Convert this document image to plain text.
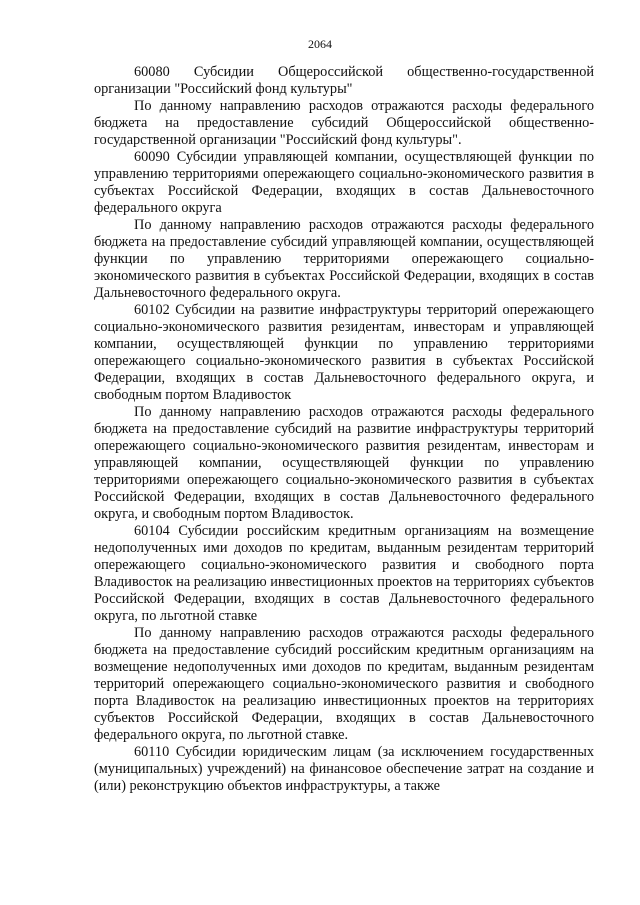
2064

60080 Субсидии Общероссийской общественно-государственной организации "Российский фонд культуры"

По данному направлению расходов отражаются расходы федерального бюджета на предоставление субсидий Общероссийской общественно-государственной организации "Российский фонд культуры".

60090 Субсидии управляющей компании, осуществляющей функции по управлению территориями опережающего социально-экономического развития в субъектах Российской Федерации, входящих в состав Дальневосточного федерального округа

По данному направлению расходов отражаются расходы федерального бюджета на предоставление субсидий управляющей компании, осуществляющей функции по управлению территориями опережающего социально-экономического развития в субъектах Российской Федерации, входящих в состав Дальневосточного федерального округа.

60102 Субсидии на развитие инфраструктуры территорий опережающего социально-экономического развития резидентам, инвесторам и управляющей компании, осуществляющей функции по управлению территориями опережающего социально-экономического развития в субъектах Российской Федерации, входящих в состав Дальневосточного федерального округа, и свободным портом Владивосток

По данному направлению расходов отражаются расходы федерального бюджета на предоставление субсидий на развитие инфраструктуры территорий опережающего социально-экономического развития резидентам, инвесторам и управляющей компании, осуществляющей функции по управлению территориями опережающего социально-экономического развития в субъектах Российской Федерации, входящих в состав Дальневосточного федерального округа, и свободным портом Владивосток.

60104 Субсидии российским кредитным организациям на возмещение недополученных ими доходов по кредитам, выданным резидентам территорий опережающего социально-экономического развития и свободного порта Владивосток на реализацию инвестиционных проектов на территориях субъектов Российской Федерации, входящих в состав Дальневосточного федерального округа, по льготной ставке

По данному направлению расходов отражаются расходы федерального бюджета на предоставление субсидий российским кредитным организациям на возмещение недополученных ими доходов по кредитам, выданным резидентам территорий опережающего социально-экономического развития и свободного порта Владивосток на реализацию инвестиционных проектов на территориях субъектов Российской Федерации, входящих в состав Дальневосточного федерального округа, по льготной ставке.

60110 Субсидии юридическим лицам (за исключением государственных (муниципальных) учреждений) на финансовое обеспечение затрат на создание и (или) реконструкцию объектов инфраструктуры, а также
